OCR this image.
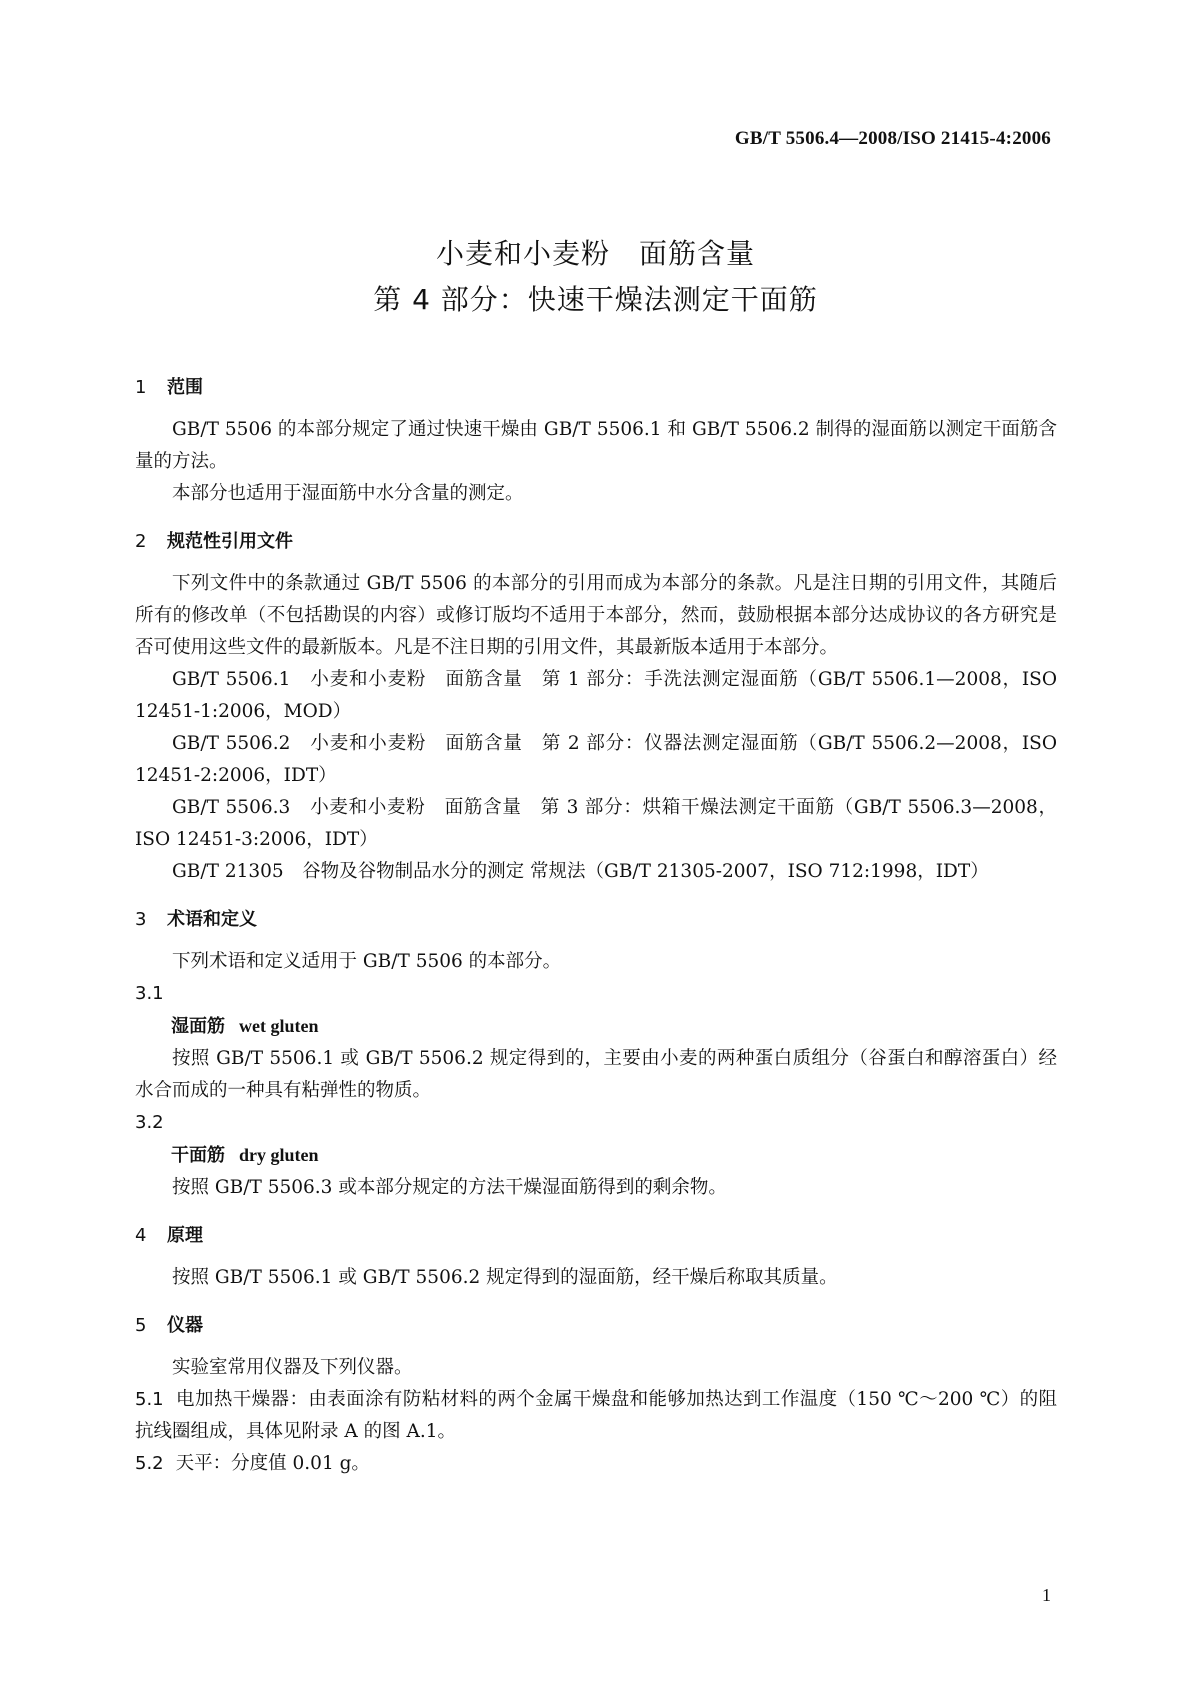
GB/T 5506.4—2008/ISO 21415-4:2006
小麦和小麦粉　面筋含量
第 4 部分：快速干燥法测定干面筋
1 范围

GB/T 5506 的本部分规定了通过快速干燥由 GB/T 5506.1 和 GB/T 5506.2 制得的湿面筋以测定干面筋含量的方法。

本部分也适用于湿面筋中水分含量的测定。

2 规范性引用文件

下列文件中的条款通过 GB/T 5506 的本部分的引用而成为本部分的条款。凡是注日期的引用文件，其随后所有的修改单（不包括勘误的内容）或修订版均不适用于本部分，然而，鼓励根据本部分达成协议的各方研究是否可使用这些文件的最新版本。凡是不注日期的引用文件，其最新版本适用于本部分。

GB/T 5506.1　小麦和小麦粉　面筋含量　第 1 部分：手洗法测定湿面筋（GB/T 5506.1—2008，ISO 12451-1:2006，MOD）

GB/T 5506.2　小麦和小麦粉　面筋含量　第 2 部分：仪器法测定湿面筋（GB/T 5506.2—2008，ISO 12451-2:2006，IDT）

GB/T 5506.3　小麦和小麦粉　面筋含量　第 3 部分：烘箱干燥法测定干面筋（GB/T 5506.3—2008，ISO 12451-3:2006，IDT）

GB/T 21305　谷物及谷物制品水分的测定 常规法（GB/T 21305-2007，ISO 712:1998，IDT）

3 术语和定义

下列术语和定义适用于 GB/T 5506 的本部分。

3.1

湿面筋 wet gluten

按照 GB/T 5506.1 或 GB/T 5506.2 规定得到的，主要由小麦的两种蛋白质组分（谷蛋白和醇溶蛋白）经水合而成的一种具有粘弹性的物质。

3.2

干面筋 dry gluten

按照 GB/T 5506.3 或本部分规定的方法干燥湿面筋得到的剩余物。

4 原理

按照 GB/T 5506.1 或 GB/T 5506.2 规定得到的湿面筋，经干燥后称取其质量。

5 仪器

实验室常用仪器及下列仪器。

5.1 电加热干燥器：由表面涂有防粘材料的两个金属干燥盘和能够加热达到工作温度（150 ℃～200 ℃）的阻抗线圈组成，具体见附录 A 的图 A.1。

5.2 天平：分度值 0.01 g。

1
